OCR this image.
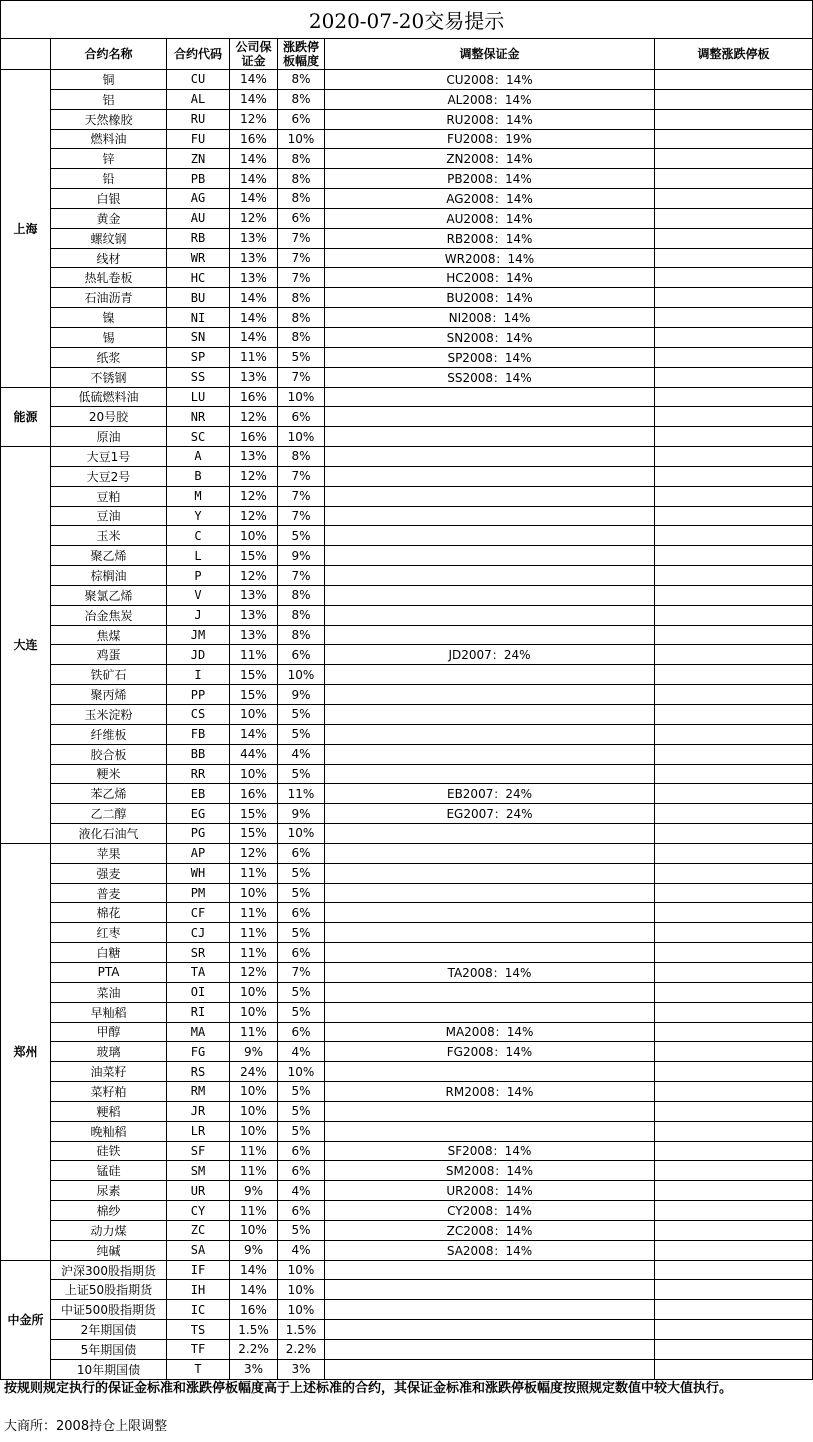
2020-07-20交易提示						
	合约名称	合约代码	公司保证金	涨跌停板幅度	调整保证金	调整涨跌停板
上海	铜	CU	14%	8%	CU2008：14%	
	铝	AL	14%	8%	AL2008：14%	
	天然橡胶	RU	12%	6%	RU2008：14%	
	燃料油	FU	16%	10%	FU2008：19%	
	锌	ZN	14%	8%	ZN2008：14%	
	铅	PB	14%	8%	PB2008：14%	
	白银	AG	14%	8%	AG2008：14%	
	黄金	AU	12%	6%	AU2008：14%	
	螺纹钢	RB	13%	7%	RB2008：14%	
	线材	WR	13%	7%	WR2008：14%	
	热轧卷板	HC	13%	7%	HC2008：14%	
	石油沥青	BU	14%	8%	BU2008：14%	
	镍	NI	14%	8%	NI2008：14%	
	锡	SN	14%	8%	SN2008：14%	
	纸浆	SP	11%	5%	SP2008：14%	
	不锈钢	SS	13%	7%	SS2008：14%	
能源	低硫燃料油	LU	16%	10%		
	20号胶	NR	12%	6%		
	原油	SC	16%	10%		
大连	大豆1号	A	13%	8%		
	大豆2号	B	12%	7%		
	豆粕	M	12%	7%		
	豆油	Y	12%	7%		
	玉米	C	10%	5%		
	聚乙烯	L	15%	9%		
	棕榈油	P	12%	7%		
	聚氯乙烯	V	13%	8%		
	冶金焦炭	J	13%	8%		
	焦煤	JM	13%	8%		
	鸡蛋	JD	11%	6%	JD2007：24%	
	铁矿石	I	15%	10%		
	聚丙烯	PP	15%	9%		
	玉米淀粉	CS	10%	5%		
	纤维板	FB	14%	5%		
	胶合板	BB	44%	4%		
	粳米	RR	10%	5%		
	苯乙烯	EB	16%	11%	EB2007：24%	
	乙二醇	EG	15%	9%	EG2007：24%	
	液化石油气	PG	15%	10%		
郑州	苹果	AP	12%	6%		
	强麦	WH	11%	5%		
	普麦	PM	10%	5%		
	棉花	CF	11%	6%		
	红枣	CJ	11%	5%		
	白糖	SR	11%	6%		
	PTA	TA	12%	7%	TA2008：14%	
	菜油	OI	10%	5%		
	早籼稻	RI	10%	5%		
	甲醇	MA	11%	6%	MA2008：14%	
	玻璃	FG	9%	4%	FG2008：14%	
	油菜籽	RS	24%	10%		
	菜籽粕	RM	10%	5%	RM2008：14%	
	粳稻	JR	10%	5%		
	晚籼稻	LR	10%	5%		
	硅铁	SF	11%	6%	SF2008：14%	
	锰硅	SM	11%	6%	SM2008：14%	
	尿素	UR	9%	4%	UR2008：14%	
	棉纱	CY	11%	6%	CY2008：14%	
	动力煤	ZC	10%	5%	ZC2008：14%	
	纯碱	SA	9%	4%	SA2008：14%	
中金所	沪深300股指期货	IF	14%	10%		
	上证50股指期货	IH	14%	10%		
	中证500股指期货	IC	16%	10%		
	2年期国债	TS	1.5%	1.5%		
	5年期国债	TF	2.2%	2.2%		
	10年期国债	T	3%	3%		
按规则规定执行的保证金标准和涨跌停板幅度高于上述标准的合约，其保证金标准和涨跌停板幅度按照规定数值中较大值执行。
大商所：2008持仓上限调整
